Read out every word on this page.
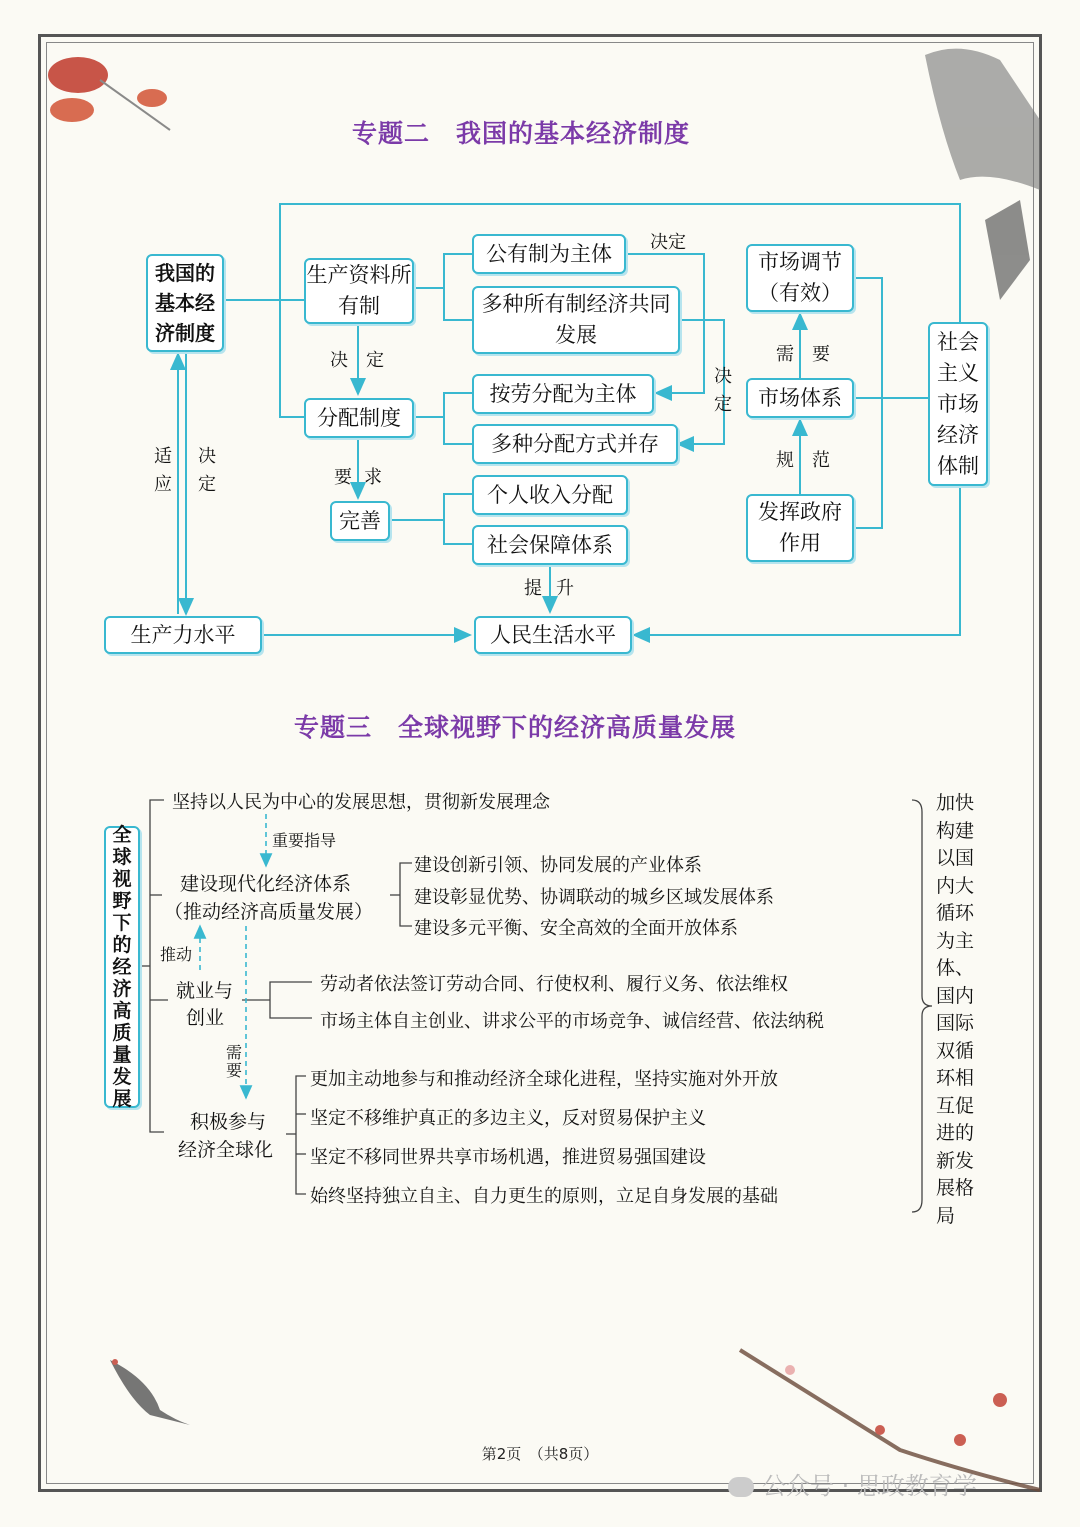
专题二　我国的基本经济制度
我国的基本经济制度
生产资料所有制
公有制为主体
多种所有制经济共同发展
分配制度
按劳分配为主体
多种分配方式并存
完善
个人收入分配
社会保障体系
市场调节（有效）
市场体系
发挥政府作用
社会主义市场经济体制
生产力水平	人民生活水平
决定
决 定
决
定
要 求
需 要
规 范
适
应
决
定
提 升
专题三　全球视野下的经济高质量发展
全球视野下的经济高质量发展
坚持以人民为中心的发展思想，贯彻新发展理念
重要指导
建设现代化经济体系
（推动经济高质量发展）
建设创新引领、协同发展的产业体系
建设彰显优势、协调联动的城乡区域发展体系
建设多元平衡、安全高效的全面开放体系
推动
就业与
创业
劳动者依法签订劳动合同、行使权利、履行义务、依法维权
市场主体自主创业、讲求公平的市场竞争、诚信经营、依法纳税
需
要
积极参与
经济全球化
更加主动地参与和推动经济全球化进程，坚持实施对外开放
坚定不移维护真正的多边主义，反对贸易保护主义
坚定不移同世界共享市场机遇，推进贸易强国建设
始终坚持独立自主、自力更生的原则，立足自身发展的基础
加快构建以国内大循环为主体、国内国际双循环相互促进的新发展格局
第2页　（共8页）
公众号 · 思政教育学
